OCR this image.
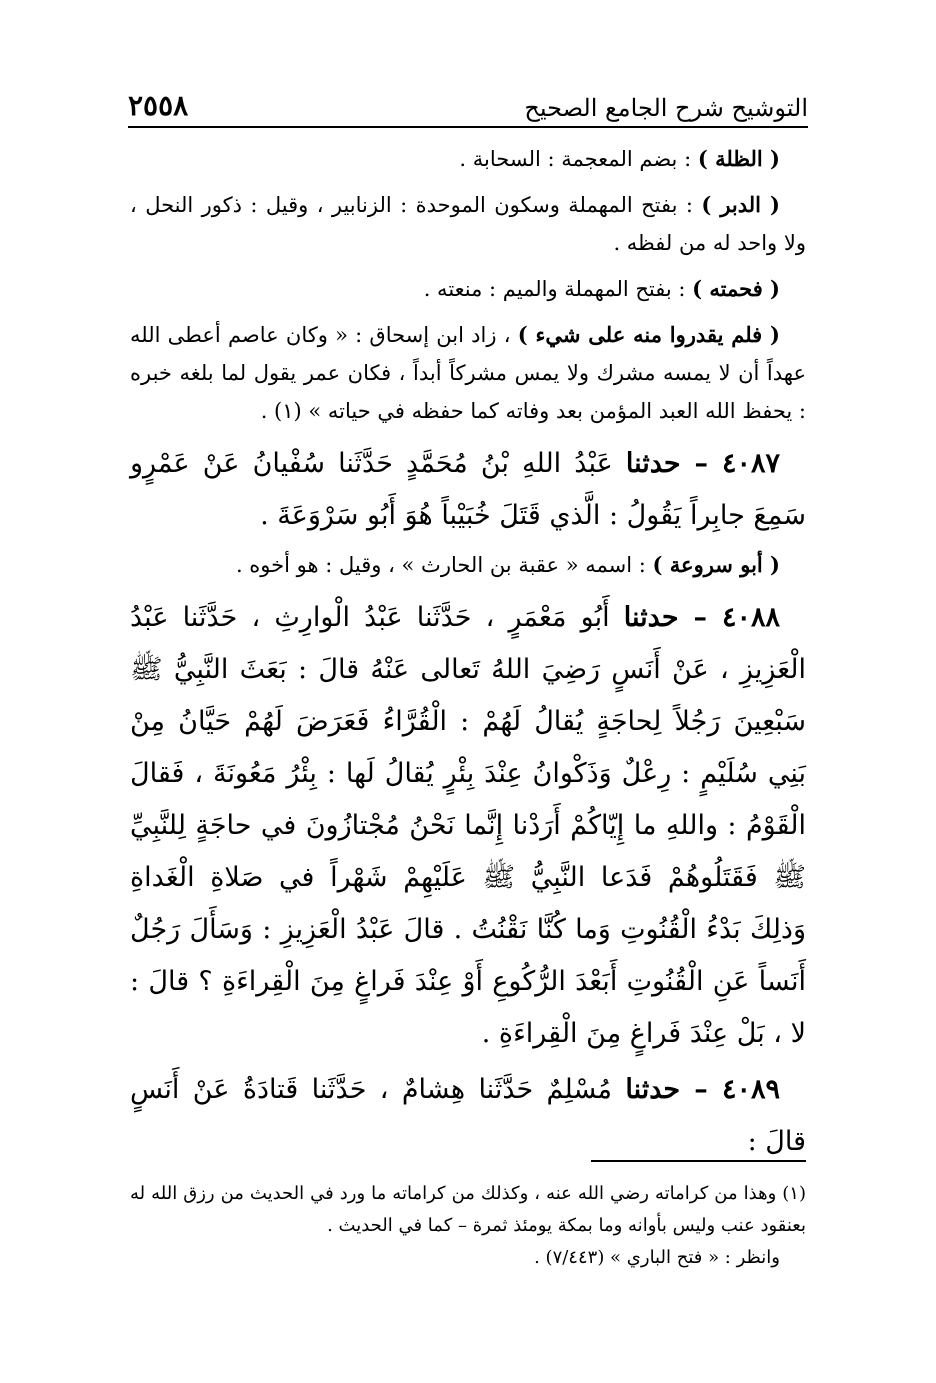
التوشيح شرح الجامع الصحيح
٢٥٥٨

( الظلة ) : بضم المعجمة : السحابة .

( الدبر ) : بفتح المهملة وسكون الموحدة : الزنابير ، وقيل : ذكور النحل ، ولا واحد له من لفظه .

( فحمته ) : بفتح المهملة والميم : منعته .

( فلم يقدروا منه على شيء ) ، زاد ابن إسحاق : « وكان عاصم أعطى الله عهداً أن لا يمسه مشرك ولا يمس مشركاً أبداً ، فكان عمر يقول لما بلغه خبره : يحفظ الله العبد المؤمن بعد وفاته كما حفظه في حياته » (١) .

٤٠٨٧ – حدثنا عَبْدُ اللهِ بْنُ مُحَمَّدٍ حَدَّثَنا سُفْيانُ عَنْ عَمْرٍو سَمِعَ جابِراً يَقُولُ : الَّذي قَتَلَ خُبَيْباً هُوَ أَبُو سَرْوَعَةَ .

( أبو سروعة ) : اسمه « عقبة بن الحارث » ، وقيل : هو أخوه .

٤٠٨٨ – حدثنا أَبُو مَعْمَرٍ ، حَدَّثَنا عَبْدُ الْوارِثِ ، حَدَّثَنا عَبْدُ الْعَزِيزِ ، عَنْ أَنَسٍ رَضِيَ اللهُ تَعالى عَنْهُ قالَ : بَعَثَ النَّبِيُّ ﷺ سَبْعِينَ رَجُلاً لِحاجَةٍ يُقالُ لَهُمْ : الْقُرَّاءُ فَعَرَضَ لَهُمْ حَيَّانُ مِنْ بَنِي سُلَيْمٍ : رِعْلٌ وَذَكْوانُ عِنْدَ بِئْرٍ يُقالُ لَها : بِئْرُ مَعُونَةَ ، فَقالَ الْقَوْمُ : واللهِ ما إِيّاكُمْ أَرَدْنا إِنَّما نَحْنُ مُجْتازُونَ في حاجَةٍ لِلنَّبِيِّ ﷺ فَقَتَلُوهُمْ فَدَعا النَّبِيُّ ﷺ عَلَيْهِمْ شَهْراً في صَلاةِ الْغَداةِ وَذلِكَ بَدْءُ الْقُنُوتِ وَما كُنَّا نَقْنُتُ . قالَ عَبْدُ الْعَزِيزِ : وَسَأَلَ رَجُلٌ أَنَساً عَنِ الْقُنُوتِ أَبَعْدَ الرُّكُوعِ أَوْ عِنْدَ فَراغٍ مِنَ الْقِراءَةِ ؟ قالَ : لا ، بَلْ عِنْدَ فَراغٍ مِنَ الْقِراءَةِ .

٤٠٨٩ – حدثنا مُسْلِمٌ حَدَّثَنا هِشامٌ ، حَدَّثَنا قَتادَةُ عَنْ أَنَسٍ قالَ :

(١) وهذا من كراماته رضي الله عنه ، وكذلك من كراماته ما ورد في الحديث من رزق الله له بعنقود عنب وليس بأوانه وما بمكة يومئذ ثمرة – كما في الحديث .

وانظر : « فتح الباري » (٧/٤٤٣) .
